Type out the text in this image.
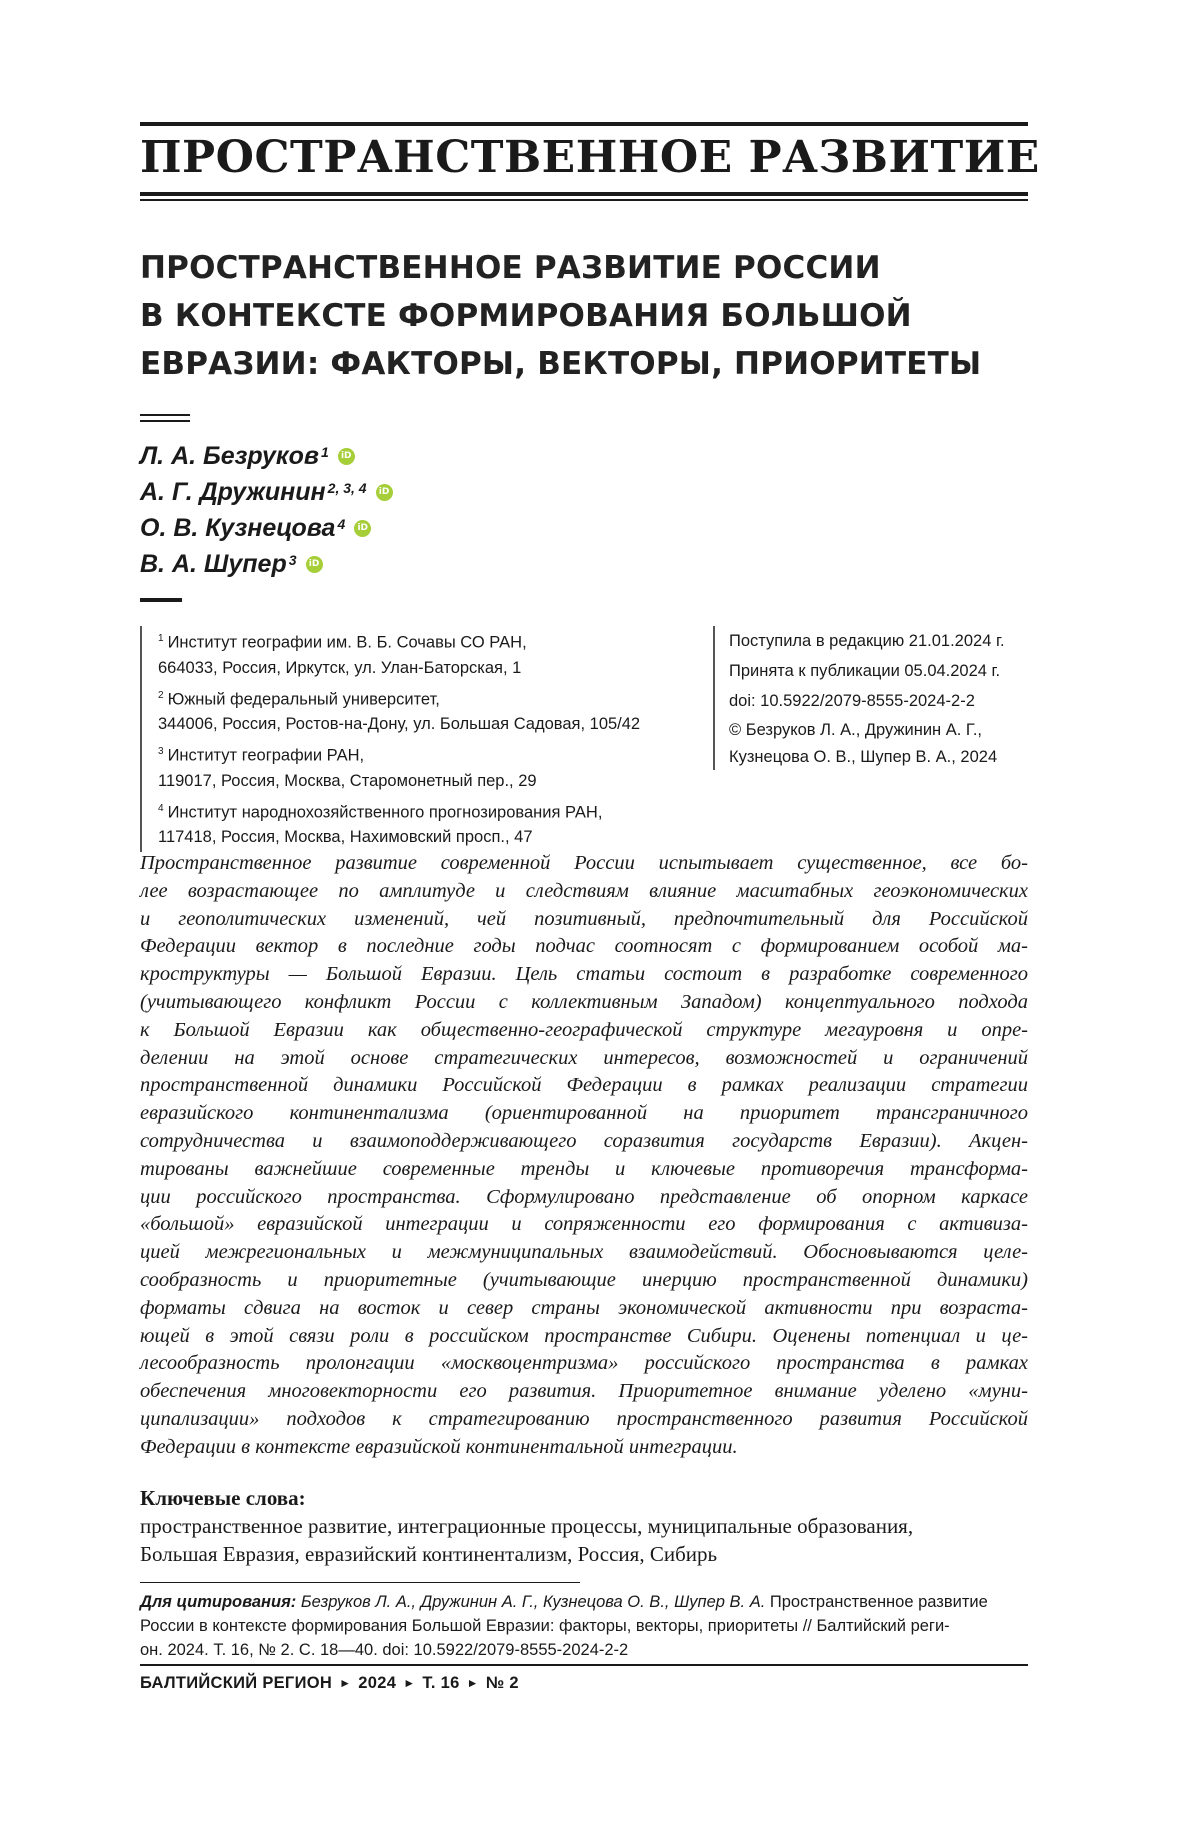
ПРОСТРАНСТВЕННОЕ РАЗВИТИЕ
ПРОСТРАНСТВЕННОЕ РАЗВИТИЕ РОССИИ
В КОНТЕКСТЕ ФОРМИРОВАНИЯ БОЛЬШОЙ
ЕВРАЗИИ: ФАКТОРЫ, ВЕКТОРЫ, ПРИОРИТЕТЫ
Л. А. Безруков$^1$	iD
А. Г. Дружинин$^{2, 3, 4}$	iD
О. В. Кузнецова$^4$	iD
В. А. Шупер$^3$	iD
$^1$ Институт географии им. В. Б. Сочавы СО РАН,
664033, Россия, Иркутск, ул. Улан-Баторская, 1
$^2$ Южный федеральный университет,
344006, Россия, Ростов-на-Дону, ул. Большая Садовая, 105/42
$^3$ Институт географии РАН,
119017, Россия, Москва, Старомонетный пер., 29
$^4$ Институт народнохозяйственного прогнозирования РАН,
117418, Россия, Москва, Нахимовский просп., 47
Поступила в редакцию 21.01.2024 г.
Принята к публикации 05.04.2024 г.
doi: 10.5922/2079-8555-2024-2-2
© Безруков Л. А., Дружинин А. Г.,
Кузнецова О. В., Шупер В. А., 2024
Пространственное развитие современной России испытывает существенное, все бо-
лее возрастающее по амплитуде и следствиям влияние масштабных геоэкономических
и геополитических изменений, чей позитивный, предпочтительный для Российской
Федерации вектор в последние годы подчас соотносят с формированием особой ма-
кроструктуры — Большой Евразии. Цель статьи состоит в разработке современного
(учитывающего конфликт России с коллективным Западом) концептуального подхода
к Большой Евразии как общественно-географической структуре мегауровня и опре-
делении на этой основе стратегических интересов, возможностей и ограничений
пространственной динамики Российской Федерации в рамках реализации стратегии
евразийского континентализма (ориентированной на приоритет трансграничного
сотрудничества и взаимоподдерживающего соразвития государств Евразии). Акцен-
тированы важнейшие современные тренды и ключевые противоречия трансформа-
ции российского пространства. Сформулировано представление об опорном каркасе
«большой» евразийской интеграции и сопряженности его формирования с активиза-
цией межрегиональных и межмуниципальных взаимодействий. Обосновываются целе-
сообразность и приоритетные (учитывающие инерцию пространственной динамики)
форматы сдвига на восток и север страны экономической активности при возраста-
ющей в этой связи роли в российском пространстве Сибири. Оценены потенциал и це-
лесообразность пролонгации «москвоцентризма» российского пространства в рамках
обеспечения многовекторности его развития. Приоритетное внимание уделено «муни-
ципализации» подходов к стратегированию пространственного развития Российской
Федерации в контексте евразийской континентальной интеграции.
Ключевые слова:
пространственное развитие, интеграционные процессы, муниципальные образования,
Большая Евразия, евразийский континентализм, Россия, Сибирь
Для цитирования: Безруков Л. А., Дружинин А. Г., Кузнецова О. В., Шупер В. А. Пространственное развитие
России в контексте формирования Большой Евразии: факторы, векторы, приоритеты // Балтийский реги-
он. 2024. Т. 16, № 2. С. 18—40. doi: 10.5922/2079-8555-2024-2-2
БАЛТИЙСКИЙ РЕГИОН ► 2024 ► Т. 16 ► № 2
